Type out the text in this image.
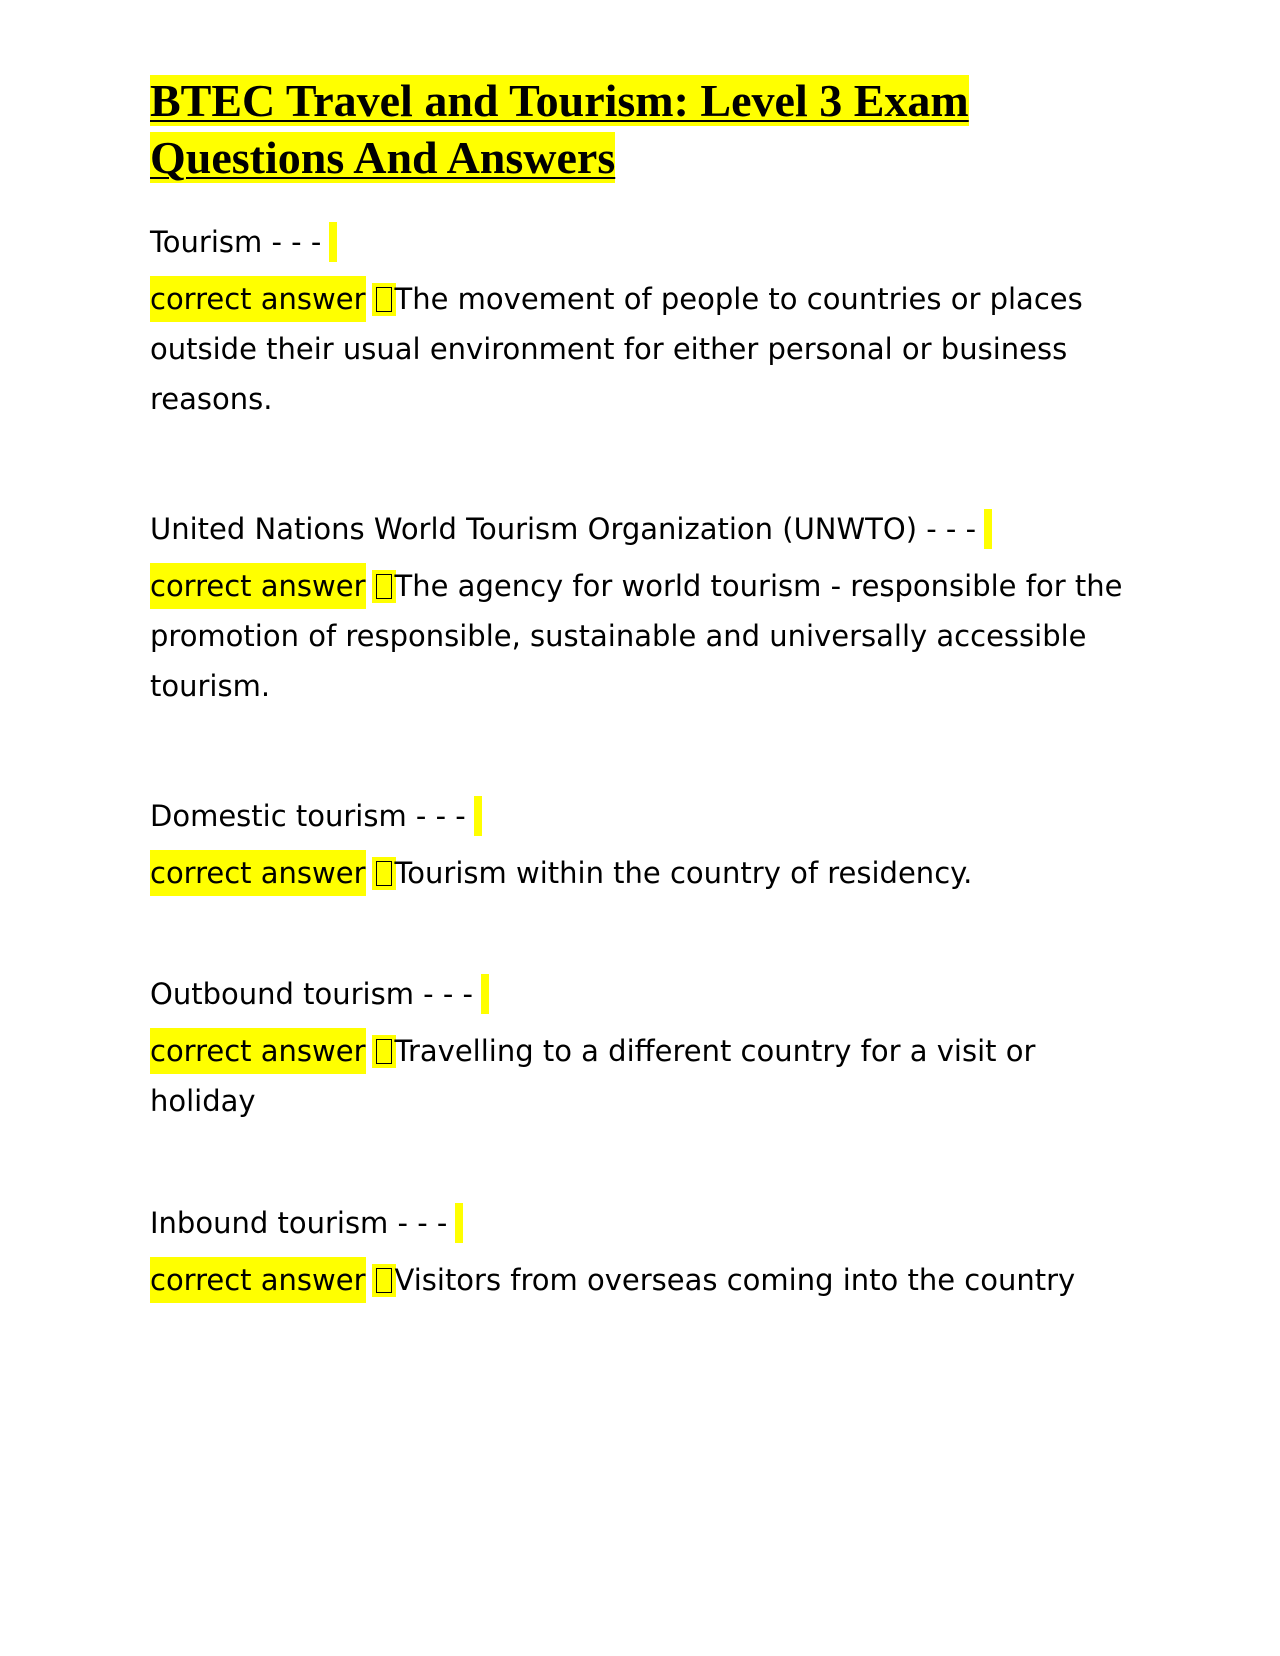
BTEC Travel and Tourism: Level 3 Exam
Questions And Answers

Tourism - - -

correct answer The movement of people to countries or places outside their usual environment for either personal or business reasons.

United Nations World Tourism Organization (UNWTO) - - -

correct answer The agency for world tourism - responsible for the promotion of responsible, sustainable and universally accessible tourism.

Domestic tourism - - -

correct answer Tourism within the country of residency.

Outbound tourism - - -

correct answer Travelling to a different country for a visit or holiday

Inbound tourism - - -

correct answer Visitors from overseas coming into the country
